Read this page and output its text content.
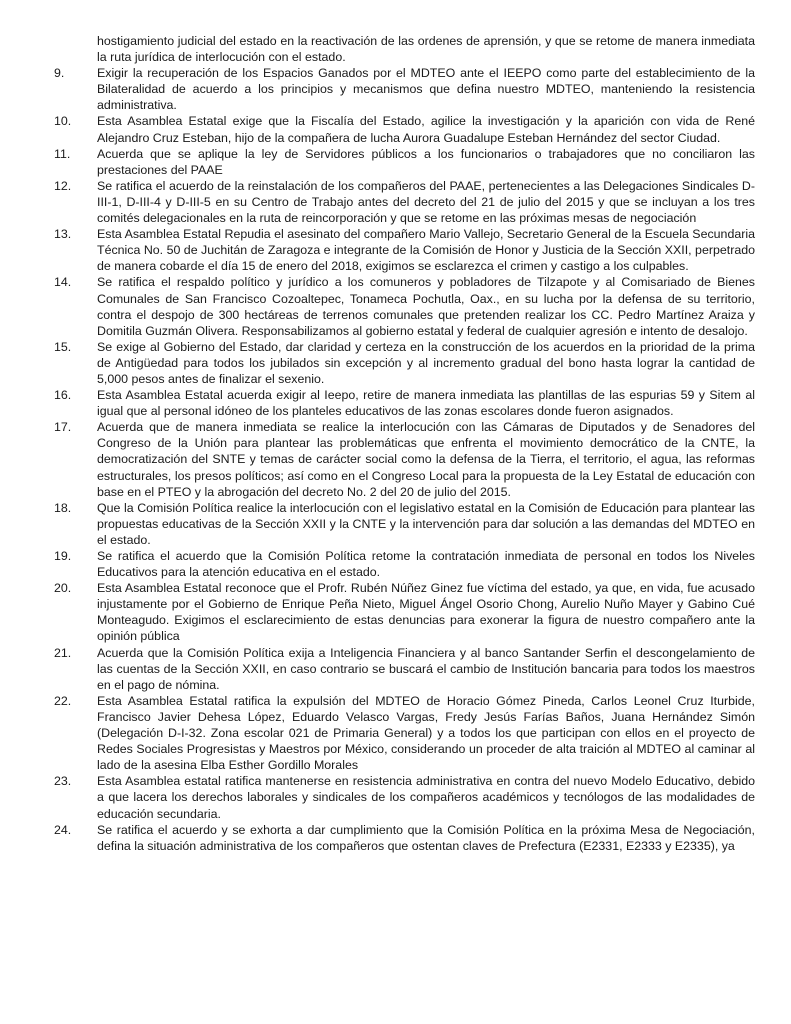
hostigamiento judicial del estado en la reactivación de las ordenes de aprensión, y que se retome de manera inmediata la ruta jurídica de interlocución con el estado.
9.	Exigir la recuperación de los Espacios Ganados por el MDTEO ante el IEEPO como parte del establecimiento de la Bilateralidad de acuerdo a los principios y mecanismos que defina nuestro MDTEO, manteniendo la resistencia administrativa.
10.	Esta Asamblea Estatal exige que la Fiscalía del Estado, agilice la investigación y la aparición con vida de René Alejandro Cruz Esteban, hijo de la compañera de lucha Aurora Guadalupe Esteban Hernández del sector Ciudad.
11.	Acuerda que se aplique la ley de Servidores públicos a los funcionarios o trabajadores que no conciliaron las prestaciones del PAAE
12.	Se ratifica el acuerdo de la reinstalación de los compañeros del PAAE, pertenecientes a las Delegaciones Sindicales D-III-1, D-III-4 y D-III-5 en su Centro de Trabajo antes del decreto del 21 de julio del 2015 y que se incluyan a los tres comités delegacionales en la ruta de reincorporación y que se retome en las próximas mesas de negociación
13.	Esta Asamblea Estatal Repudia el asesinato del compañero Mario Vallejo, Secretario General de la Escuela Secundaria Técnica No. 50 de Juchitán de Zaragoza e integrante de la Comisión de Honor y Justicia de la Sección XXII, perpetrado de manera cobarde el día 15 de enero del 2018, exigimos se esclarezca el crimen y castigo a los culpables.
14.	Se ratifica el respaldo político y jurídico a los comuneros y pobladores de Tilzapote y al Comisariado de Bienes Comunales de San Francisco Cozoaltepec, Tonameca Pochutla, Oax., en su lucha por la defensa de su territorio, contra el despojo de 300 hectáreas de terrenos comunales que pretenden realizar los CC. Pedro Martínez Araiza y Domitila Guzmán Olivera. Responsabilizamos al gobierno estatal y federal de cualquier agresión e intento de desalojo.
15.	Se exige al Gobierno del Estado, dar claridad y certeza en la construcción de los acuerdos en la prioridad de la prima de Antigüedad para todos los jubilados sin excepción y al incremento gradual del bono hasta lograr la cantidad de 5,000 pesos antes de finalizar el sexenio.
16.	Esta Asamblea Estatal acuerda exigir al Ieepo, retire de manera inmediata las plantillas de las espurias 59 y Sitem al igual que al personal idóneo de los planteles educativos de las zonas escolares donde fueron asignados.
17.	Acuerda que de manera inmediata se realice la interlocución con las Cámaras de Diputados y de Senadores del Congreso de la Unión para plantear las problemáticas que enfrenta el movimiento democrático de la CNTE, la democratización del SNTE y temas de carácter social como la defensa de la Tierra, el territorio, el agua, las reformas estructurales, los presos políticos; así como en el Congreso Local para la propuesta de la Ley Estatal de educación con base en el PTEO y la abrogación del decreto No. 2 del 20 de julio del 2015.
18.	Que la Comisión Política realice la interlocución con el legislativo estatal en la Comisión de Educación para plantear las propuestas educativas de la Sección XXII y la CNTE y la intervención para dar solución a las demandas del MDTEO en el estado.
19.	Se ratifica el acuerdo que la Comisión Política retome la contratación inmediata de personal en todos los Niveles Educativos para la atención educativa en el estado.
20.	Esta Asamblea Estatal reconoce que el Profr. Rubén Núñez Ginez fue víctima del estado, ya que, en vida, fue acusado injustamente por el Gobierno de Enrique Peña Nieto, Miguel Ángel Osorio Chong, Aurelio Nuño Mayer y Gabino Cué Monteagudo. Exigimos el esclarecimiento de estas denuncias para exonerar la figura de nuestro compañero ante la opinión pública
21.	Acuerda que la Comisión Política exija a Inteligencia Financiera y al banco Santander Serfin el descongelamiento de las cuentas de la Sección XXII, en caso contrario se buscará el cambio de Institución bancaria para todos los maestros en el pago de nómina.
22.	Esta Asamblea Estatal ratifica la expulsión del MDTEO de Horacio Gómez Pineda, Carlos Leonel Cruz Iturbide, Francisco Javier Dehesa López, Eduardo Velasco Vargas, Fredy Jesús Farías Baños, Juana Hernández Simón (Delegación D-I-32. Zona escolar 021 de Primaria General) y a todos los que participan con ellos en el proyecto de Redes Sociales Progresistas y Maestros por México, considerando un proceder de alta traición al MDTEO al caminar al lado de la asesina Elba Esther Gordillo Morales
23.	Esta Asamblea estatal ratifica mantenerse en resistencia administrativa en contra del nuevo Modelo Educativo, debido a que lacera los derechos laborales y sindicales de los compañeros académicos y tecnólogos de las modalidades de educación secundaria.
24.	Se ratifica el acuerdo y se exhorta a dar cumplimiento que la Comisión Política en la próxima Mesa de Negociación, defina la situación administrativa de los compañeros que ostentan claves de Prefectura (E2331, E2333 y E2335), ya
